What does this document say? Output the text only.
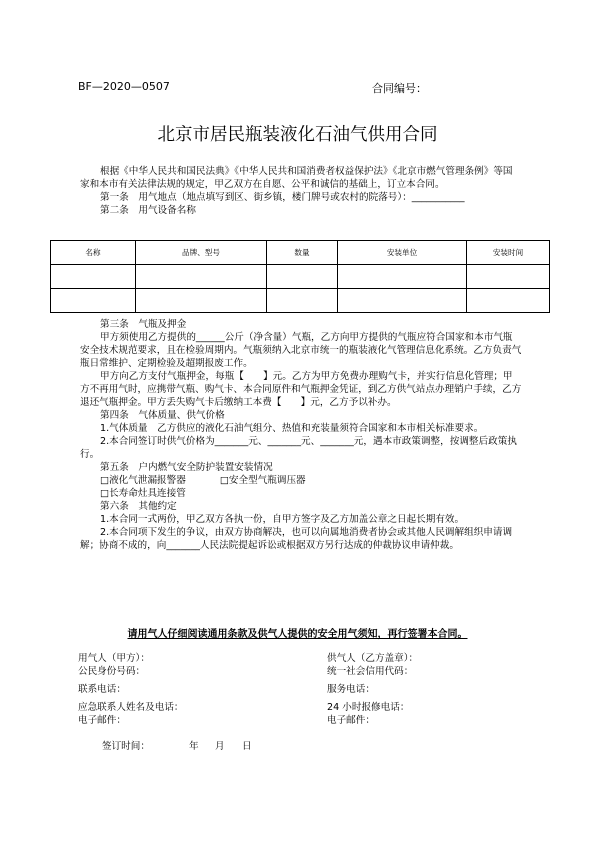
BF—2020—0507	合同编号：
北京市居民瓶装液化石油气供用合同

根据《中华人民共和国民法典》《中华人民共和国消费者权益保护法》《北京市燃气管理条例》等国家和本市有关法律法规的规定，甲乙双方在自愿、公平和诚信的基础上，订立本合同。

第一条　用气地点（地点填写到区、街乡镇，楼门牌号或农村的院落号）：___________

第二条　用气设备名称

名称	品牌、型号	数量	安装单位	安装时间

第三条　气瓶及押金

甲方须使用乙方提供的______公斤（净含量）气瓶，乙方向甲方提供的气瓶应符合国家和本市气瓶安全技术规范要求，且在检验周期内。气瓶须纳入北京市统一的瓶装液化气管理信息化系统。乙方负责气瓶日常维护、定期检验及超期报废工作。

甲方向乙方支付气瓶押金，每瓶【　　】元。乙方为甲方免费办理购气卡，并实行信息化管理；甲方不再用气时，应携带气瓶、购气卡、本合同原件和气瓶押金凭证，到乙方供气站点办理销户手续，乙方退还气瓶押金。甲方丢失购气卡后缴纳工本费【　　】元，乙方予以补办。

第四条　气体质量、供气价格

1.气体质量　乙方供应的液化石油气组分、热值和充装量须符合国家和本市相关标准要求。

2.本合同签订时供气价格为_______元、_______元、_______元，遇本市政策调整，按调整后政策执行。

第五条　户内燃气安全防护装置安装情况

□液化气泄漏报警器	□安全型气瓶调压器

□长寿命灶具连接管

第六条　其他约定

1.本合同一式两份，甲乙双方各执一份，自甲方签字及乙方加盖公章之日起长期有效。

2.本合同项下发生的争议，由双方协商解决，也可以向属地消费者协会或其他人民调解组织申请调解；协商不成的，向_______人民法院提起诉讼或根据双方另行达成的仲裁协议申请仲裁。

请用气人仔细阅读通用条款及供气人提供的安全用气须知，再行签署本合同。
用气人（甲方）：
公民身份号码：
联系电话：
应急联系人姓名及电话：
电子邮件：
供气人（乙方盖章）：
统一社会信用代码：
服务电话：
24 小时报修电话：
电子邮件：
签订时间：	年 月 日
